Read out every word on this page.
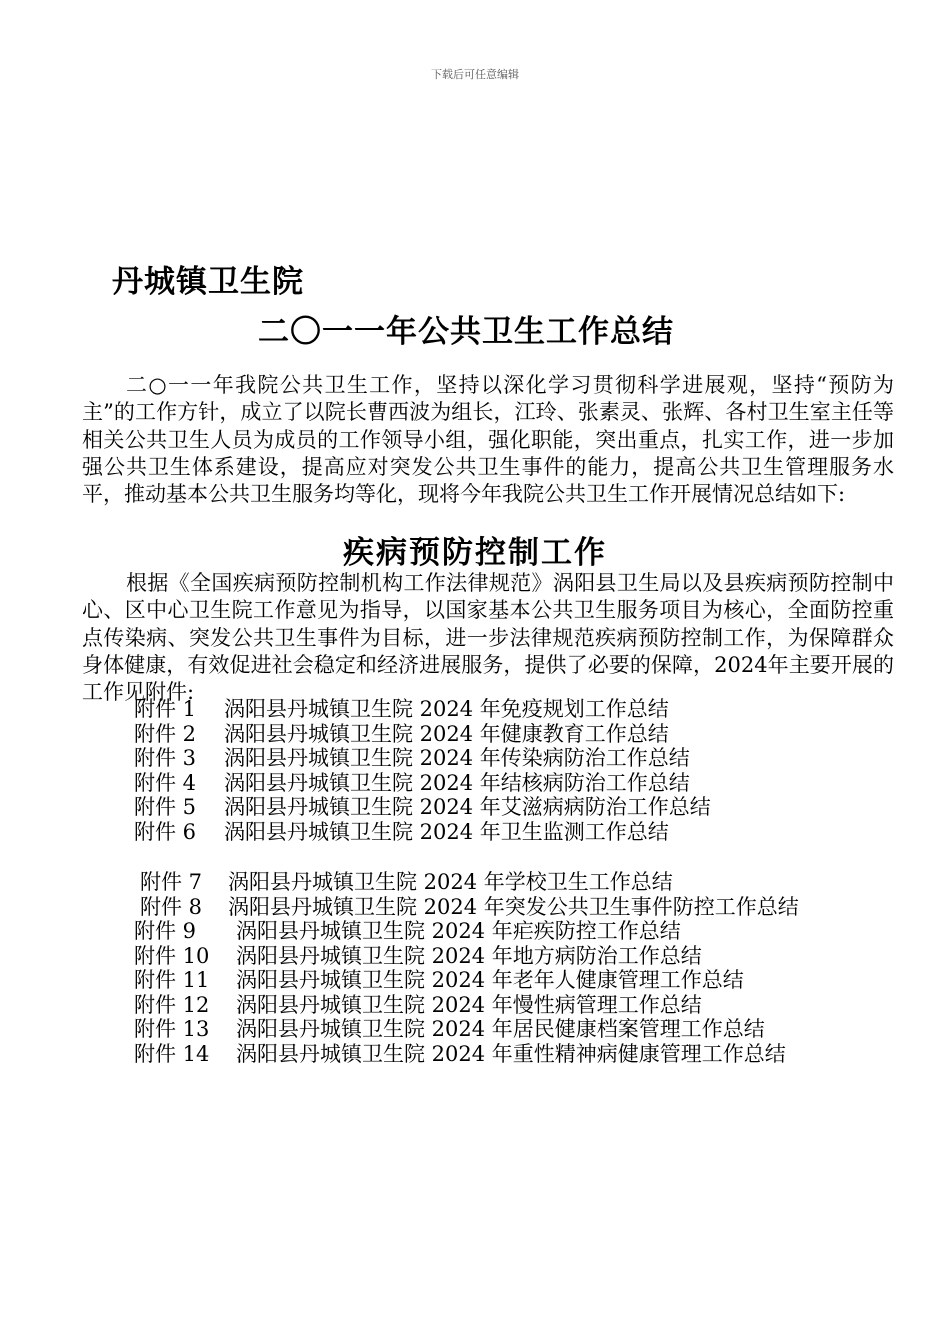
下载后可任意编辑
丹城镇卫生院
二〇一一年公共卫生工作总结

二○一一年我院公共卫生工作，坚持以深化学习贯彻科学进展观，坚持“预防为主”的工作方针，成立了以院长曹西波为组长，江玲、张素灵、张辉、各村卫生室主任等相关公共卫生人员为成员的工作领导小组，强化职能，突出重点，扎实工作，进一步加强公共卫生体系建设，提高应对突发公共卫生事件的能力，提高公共卫生管理服务水平，推动基本公共卫生服务均等化，现将今年我院公共卫生工作开展情况总结如下:

疾病预防控制工作

根据《全国疾病预防控制机构工作法律规范》涡阳县卫生局以及县疾病预防控制中心、区中心卫生院工作意见为指导，以国家基本公共卫生服务项目为核心，全面防控重点传染病、突发公共卫生事件为目标，进一步法律规范疾病预防控制工作，为保障群众身体健康，有效促进社会稳定和经济进展服务，提供了必要的保障，2024年主要开展的工作见附件:

附件 1 涡阳县丹城镇卫生院 2024 年免疫规划工作总结
附件 2 涡阳县丹城镇卫生院 2024 年健康教育工作总结
附件 3 涡阳县丹城镇卫生院 2024 年传染病防治工作总结
附件 4 涡阳县丹城镇卫生院 2024 年结核病防治工作总结
附件 5 涡阳县丹城镇卫生院 2024 年艾滋病病防治工作总结
附件 6 涡阳县丹城镇卫生院 2024 年卫生监测工作总结
附件 7 涡阳县丹城镇卫生院 2024 年学校卫生工作总结
附件 8 涡阳县丹城镇卫生院 2024 年突发公共卫生事件防控工作总结
附件 9 涡阳县丹城镇卫生院 2024 年疟疾防控工作总结
附件 10 涡阳县丹城镇卫生院 2024 年地方病防治工作总结
附件 11 涡阳县丹城镇卫生院 2024 年老年人健康管理工作总结
附件 12 涡阳县丹城镇卫生院 2024 年慢性病管理工作总结
附件 13 涡阳县丹城镇卫生院 2024 年居民健康档案管理工作总结
附件 14 涡阳县丹城镇卫生院 2024 年重性精神病健康管理工作总结
